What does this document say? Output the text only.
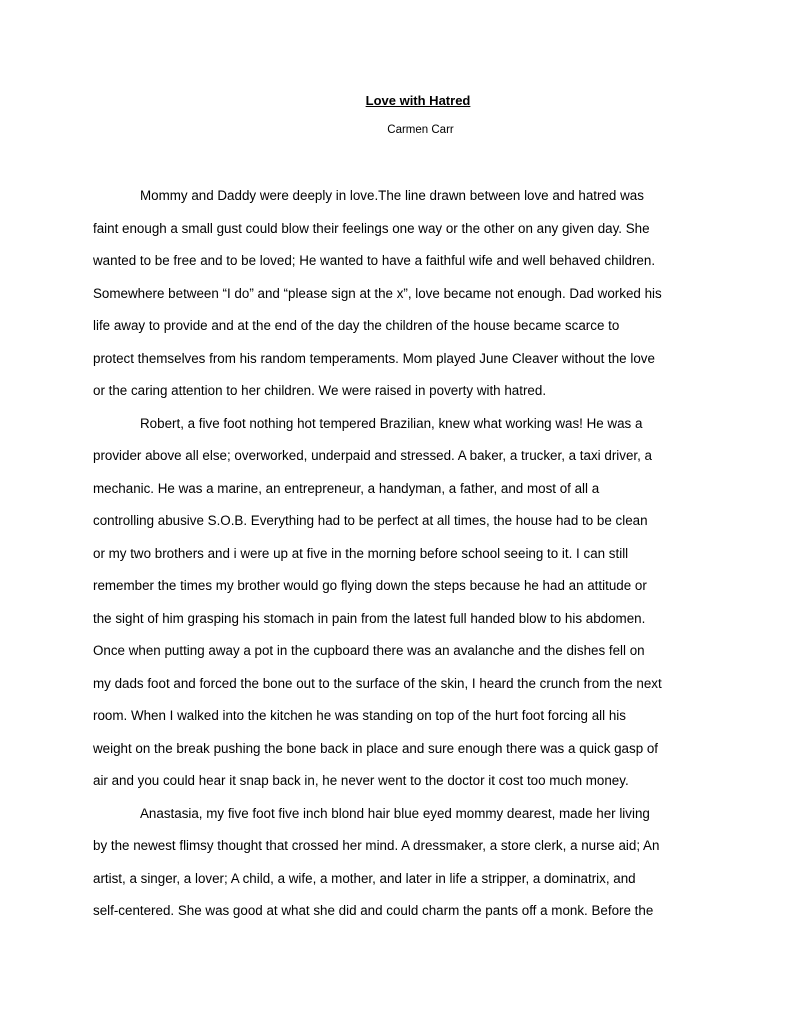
Love with Hatred
Carmen Carr
Mommy and Daddy were deeply in love.The line drawn between love and hatred was
faint enough a small gust could blow their feelings one way or the other on any given day. She
wanted to be free and to be loved; He wanted to have a faithful wife and well behaved children.
Somewhere between “I do” and “please sign at the x”, love became not enough. Dad worked his
life away to provide and at the end of the day the children of the house became scarce to
protect themselves from his random temperaments. Mom played June Cleaver without the love
or the caring attention to her children. We were raised in poverty with hatred.
Robert, a five foot nothing hot tempered Brazilian, knew what working was! He was a
provider above all else; overworked, underpaid and stressed. A baker, a trucker, a taxi driver, a
mechanic. He was a marine, an entrepreneur, a handyman, a father, and most of all a
controlling abusive S.O.B. Everything had to be perfect at all times, the house had to be clean
or my two brothers and i were up at five in the morning before school seeing to it. I can still
remember the times my brother would go flying down the steps because he had an attitude or
the sight of him grasping his stomach in pain from the latest full handed blow to his abdomen.
Once when putting away a pot in the cupboard there was an avalanche and the dishes fell on
my dads foot and forced the bone out to the surface of the skin, I heard the crunch from the next
room. When I walked into the kitchen he was standing on top of the hurt foot forcing all his
weight on the break pushing the bone back in place and sure enough there was a quick gasp of
air and you could hear it snap back in, he never went to the doctor it cost too much money.
Anastasia, my five foot five inch blond hair blue eyed mommy dearest, made her living
by the newest flimsy thought that crossed her mind. A dressmaker, a store clerk, a nurse aid; An
artist, a singer, a lover; A child, a wife, a mother, and later in life a stripper, a dominatrix, and
self-centered. She was good at what she did and could charm the pants off a monk. Before the
